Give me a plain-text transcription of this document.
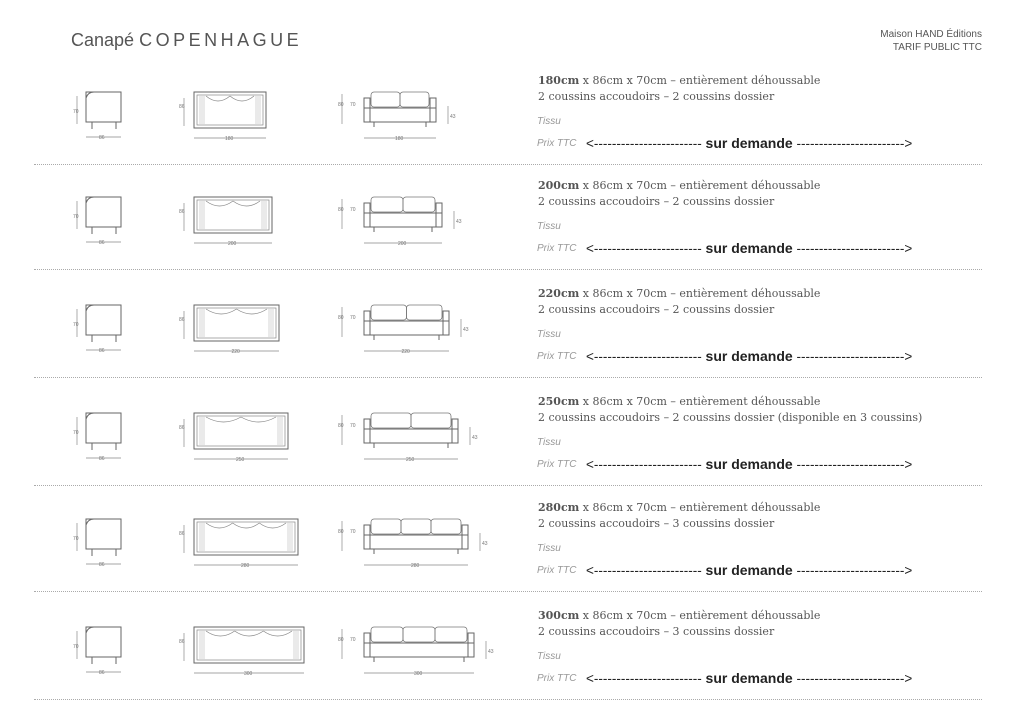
Canapé COPENHAGUE	Maison HAND Éditions
TARIF PUBLIC TTC
70
86
86
180
80 70
43
180
180cm x 86cm x 70cm – entièrement déhoussable
2 coussins accoudoirs – 2 coussins dossier
Tissu
Prix TTC <------------------------ sur demande ------------------------>
70
86
86
200
80 70
43
200
200cm x 86cm x 70cm – entièrement déhoussable
2 coussins accoudoirs – 2 coussins dossier
Tissu
Prix TTC <------------------------ sur demande ------------------------>
70
86
86
220
80 70
43
220
220cm x 86cm x 70cm – entièrement déhoussable
2 coussins accoudoirs – 2 coussins dossier
Tissu
Prix TTC <------------------------ sur demande ------------------------>
70
86
86
250
80 70
43
250
250cm x 86cm x 70cm – entièrement déhoussable
2 coussins accoudoirs – 2 coussins dossier (disponible en 3 coussins)
Tissu
Prix TTC <------------------------ sur demande ------------------------>
70
86
86
280
80 70
43
280
280cm x 86cm x 70cm – entièrement déhoussable
2 coussins accoudoirs – 3 coussins dossier
Tissu
Prix TTC <------------------------ sur demande ------------------------>
70
86
86
300
80 70
43
300
300cm x 86cm x 70cm – entièrement déhoussable
2 coussins accoudoirs – 3 coussins dossier
Tissu
Prix TTC <------------------------ sur demande ------------------------>
